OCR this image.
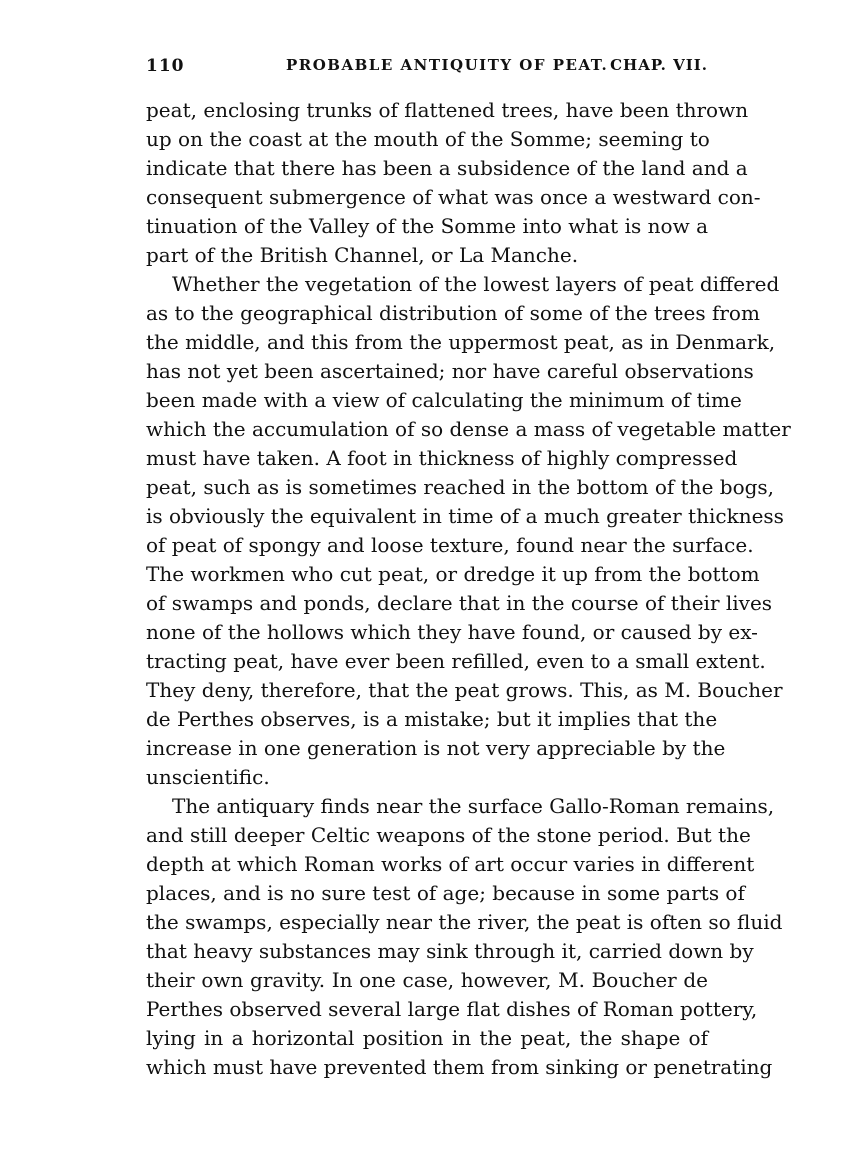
110	PROBABLE ANTIQUITY OF PEAT. CHAP. VII.
peat, enclosing trunks of flattened trees, have been thrown
up on the coast at the mouth of the Somme; seeming to
indicate that there has been a subsidence of the land and a
consequent submergence of what was once a westward con-
tinuation of the Valley of the Somme into what is now a
part of the British Channel, or La Manche.
Whether the vegetation of the lowest layers of peat differed
as to the geographical distribution of some of the trees from
the middle, and this from the uppermost peat, as in Denmark,
has not yet been ascertained; nor have careful observations
been made with a view of calculating the minimum of time
which the accumulation of so dense a mass of vegetable matter
must have taken. A foot in thickness of highly compressed
peat, such as is sometimes reached in the bottom of the bogs,
is obviously the equivalent in time of a much greater thickness
of peat of spongy and loose texture, found near the surface.
The workmen who cut peat, or dredge it up from the bottom
of swamps and ponds, declare that in the course of their lives
none of the hollows which they have found, or caused by ex-
tracting peat, have ever been refilled, even to a small extent.
They deny, therefore, that the peat grows. This, as M. Boucher
de Perthes observes, is a mistake; but it implies that the
increase in one generation is not very appreciable by the
unscientific.
The antiquary finds near the surface Gallo-Roman remains,
and still deeper Celtic weapons of the stone period. But the
depth at which Roman works of art occur varies in different
places, and is no sure test of age; because in some parts of
the swamps, especially near the river, the peat is often so fluid
that heavy substances may sink through it, carried down by
their own gravity. In one case, however, M. Boucher de
Perthes observed several large flat dishes of Roman pottery,
lying in a horizontal position in the peat, the shape of
which must have prevented them from sinking or penetrating
